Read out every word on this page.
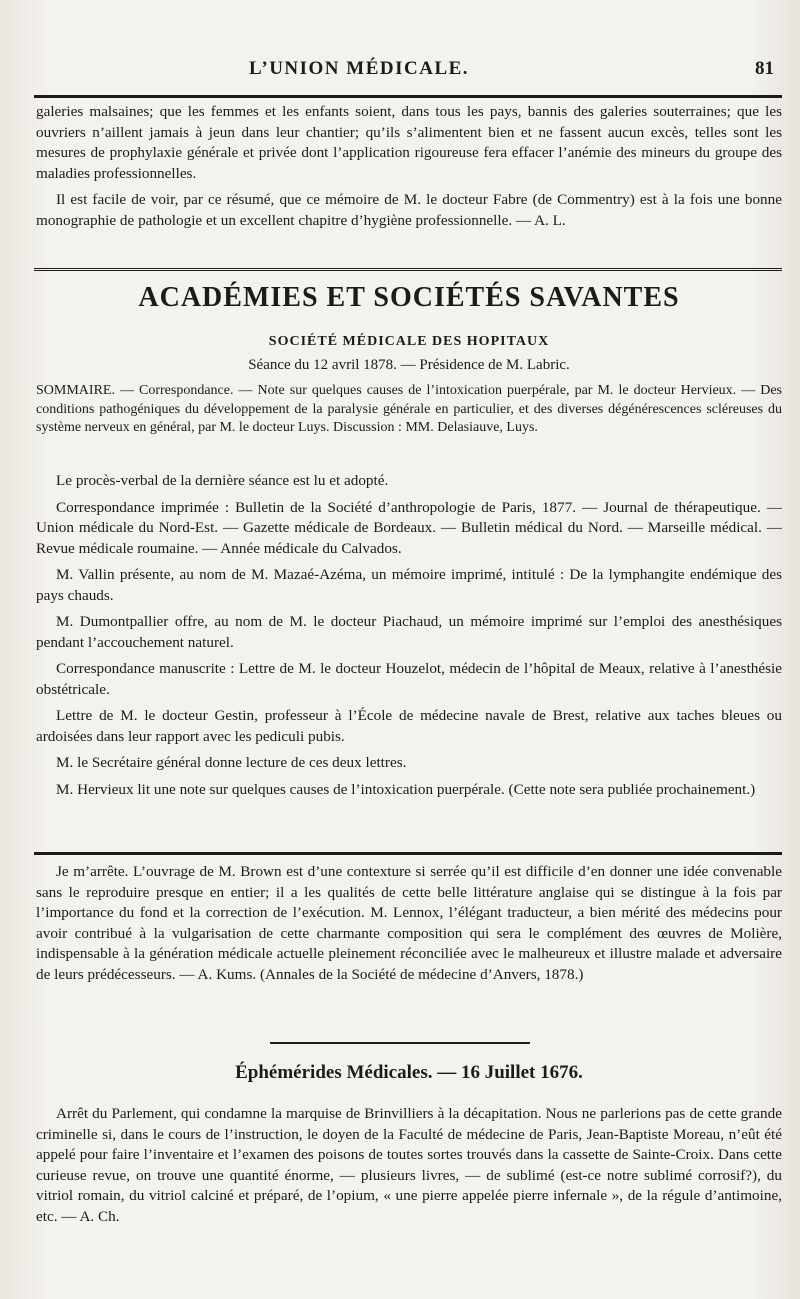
L’UNION MÉDICALE.	81

galeries malsaines; que les femmes et les enfants soient, dans tous les pays, bannis des galeries souterraines; que les ouvriers n’aillent jamais à jeun dans leur chantier; qu’ils s’alimentent bien et ne fassent aucun excès, telles sont les mesures de prophylaxie générale et privée dont l’application rigoureuse fera effacer l’anémie des mineurs du groupe des maladies professionnelles.

Il est facile de voir, par ce résumé, que ce mémoire de M. le docteur Fabre (de Commentry) est à la fois une bonne monographie de pathologie et un excellent chapitre d’hygiène professionnelle. — A. L.

ACADÉMIES ET SOCIÉTÉS SAVANTES
SOCIÉTÉ MÉDICALE DES HOPITAUX
Séance du 12 avril 1878. — Présidence de M. Labric.

SOMMAIRE. — Correspondance. — Note sur quelques causes de l’intoxication puerpérale, par M. le docteur Hervieux. — Des conditions pathogéniques du développement de la paralysie générale en particulier, et des diverses dégénérescences scléreuses du système nerveux en général, par M. le docteur Luys. Discussion : MM. Delasiauve, Luys.

Le procès-verbal de la dernière séance est lu et adopté.

Correspondance imprimée : Bulletin de la Société d’anthropologie de Paris, 1877. — Journal de thérapeutique. — Union médicale du Nord-Est. — Gazette médicale de Bordeaux. — Bulletin médical du Nord. — Marseille médical. — Revue médicale roumaine. — Année médicale du Calvados.

M. Vallin présente, au nom de M. Mazaé-Azéma, un mémoire imprimé, intitulé : De la lymphangite endémique des pays chauds.

M. Dumontpallier offre, au nom de M. le docteur Piachaud, un mémoire imprimé sur l’emploi des anesthésiques pendant l’accouchement naturel.

Correspondance manuscrite : Lettre de M. le docteur Houzelot, médecin de l’hôpital de Meaux, relative à l’anesthésie obstétricale.

Lettre de M. le docteur Gestin, professeur à l’École de médecine navale de Brest, relative aux taches bleues ou ardoisées dans leur rapport avec les pediculi pubis.

M. le Secrétaire général donne lecture de ces deux lettres.

M. Hervieux lit une note sur quelques causes de l’intoxication puerpérale. (Cette note sera publiée prochainement.)

Je m’arrête. L’ouvrage de M. Brown est d’une contexture si serrée qu’il est difficile d’en donner une idée convenable sans le reproduire presque en entier; il a les qualités de cette belle littérature anglaise qui se distingue à la fois par l’importance du fond et la correction de l’exécution. M. Lennox, l’élégant traducteur, a bien mérité des médecins pour avoir contribué à la vulgarisation de cette charmante composition qui sera le complément des œuvres de Molière, indispensable à la génération médicale actuelle pleinement réconciliée avec le malheureux et illustre malade et adversaire de leurs prédécesseurs. — A. Kums. (Annales de la Société de médecine d’Anvers, 1878.)

Éphémérides Médicales. — 16 Juillet 1676.

Arrêt du Parlement, qui condamne la marquise de Brinvilliers à la décapitation. Nous ne parlerions pas de cette grande criminelle si, dans le cours de l’instruction, le doyen de la Faculté de médecine de Paris, Jean-Baptiste Moreau, n’eût été appelé pour faire l’inventaire et l’examen des poisons de toutes sortes trouvés dans la cassette de Sainte-Croix. Dans cette curieuse revue, on trouve une quantité énorme, — plusieurs livres, — de sublimé (est-ce notre sublimé corrosif?), du vitriol romain, du vitriol calciné et préparé, de l’opium, « une pierre appelée pierre infernale », de la régule d’antimoine, etc. — A. Ch.
